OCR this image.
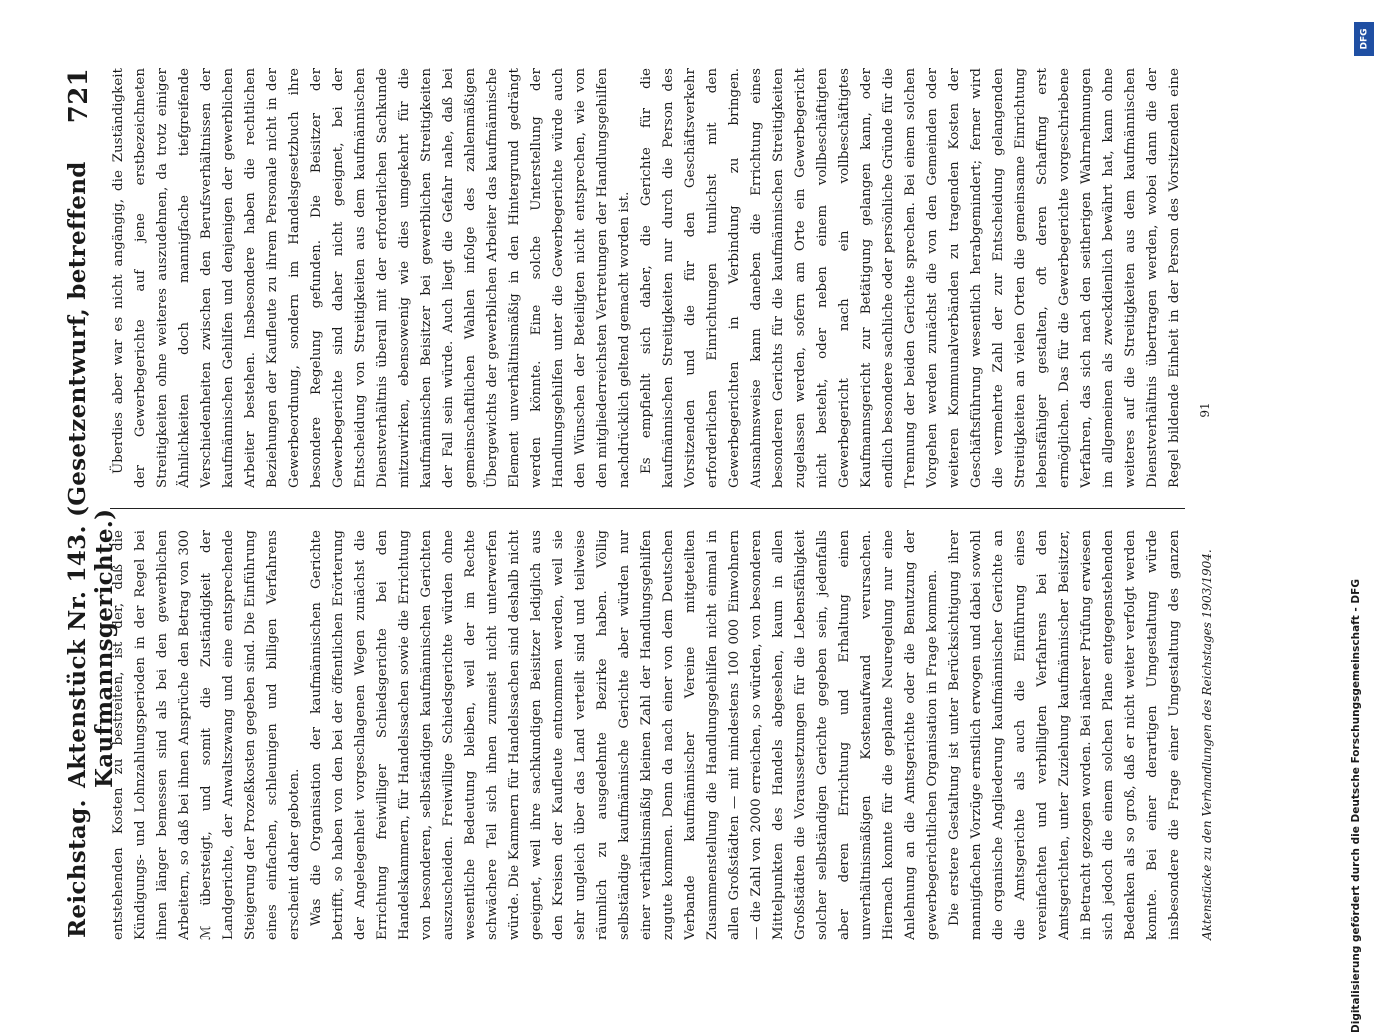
Reichstag.
Aktenstück Nr. 143. (Gesetzentwurf, betreffend Kaufmannsgerichte.)
721

entstehenden Kosten zu bestreiten, ist der, daß die Kündigungs- und Lohnzahlungsperioden in der Regel bei ihnen länger bemessen sind als bei den gewerblichen Arbeitern, so daß bei ihnen Ansprüche den Betrag von 300 ℳ übersteigt, und somit die Zuständigkeit der Landgerichte, der Anwaltszwang und eine entsprechende Steigerung der Prozeßkosten gegeben sind. Die Einführung eines einfachen, schleunigen und billigen Verfahrens erscheint daher geboten. Was die Organisation der kaufmännischen Gerichte betrifft, so haben von den bei der öffentlichen Erörterung der Angelegenheit vorgeschlagenen Wegen zunächst die Errichtung freiwilliger Schiedsgerichte bei den Handelskammern, für Handelssachen sowie die Errichtung von besonderen, selbständigen kaufmännischen Gerichten auszuscheiden. Freiwillige Schiedsgerichte würden ohne wesentliche Bedeutung bleiben, weil der im Rechte schwächere Teil sich ihnen zumeist nicht unterwerfen würde. Die Kammern für Handelssachen sind deshalb nicht geeignet, weil ihre sachkundigen Beisitzer lediglich aus den Kreisen der Kaufleute entnommen werden, weil sie sehr ungleich über das Land verteilt sind und teilweise räumlich zu ausgedehnte Bezirke haben. Völlig selbständige kaufmännische Gerichte aber würden nur einer verhältnismäßig kleinen Zahl der Handlungsgehilfen zugute kommen. Denn da nach einer von dem Deutschen Verbande kaufmännischer Vereine mitgeteilten Zusammenstellung die Handlungsgehilfen nicht einmal in allen Großstädten — mit mindestens 100 000 Einwohnern — die Zahl von 2000 erreichen, so würden, von besonderen Mittelpunkten des Handels abgesehen, kaum in allen Großstädten die Voraussetzungen für die Lebensfähigkeit solcher selbständigen Gerichte gegeben sein, jedenfalls aber deren Errichtung und Erhaltung einen unverhältnismäßigen Kostenaufwand verursachen. Hiernach konnte für die geplante Neuregelung nur eine Anlehnung an die Amtsgerichte oder die Benutzung der gewerbegerichtlichen Organisation in Frage kommen. Die erstere Gestaltung ist unter Berücksichtigung ihrer mannigfachen Vorzüge ernstlich erwogen und dabei sowohl die organische Angliederung kaufmännischer Gerichte an die Amtsgerichte als auch die Einführung eines vereinfachten und verbilligten Verfahrens bei den Amtsgerichten, unter Zuziehung kaufmännischer Beisitzer, in Betracht gezogen worden. Bei näherer Prüfung erwiesen sich jedoch die einem solchen Plane entgegenstehenden Bedenken als so groß, daß er nicht weiter verfolgt werden konnte. Bei einer derartigen Umgestaltung würde insbesondere die Frage einer Umgestaltung des ganzen

Überdies aber war es nicht angängig, die Zuständigkeit der Gewerbegerichte auf jene erstbezeichneten Streitigkeiten ohne weiteres auszudehnen, da trotz einiger Ähnlichkeiten doch mannigfache tiefgreifende Verschiedenheiten zwischen den Berufsverhältnissen der kaufmännischen Gehilfen und denjenigen der gewerblichen Arbeiter bestehen. Insbesondere haben die rechtlichen Beziehungen der Kaufleute zu ihrem Personale nicht in der Gewerbeordnung, sondern im Handelsgesetzbuch ihre besondere Regelung gefunden. Die Beisitzer der Gewerbegerichte sind daher nicht geeignet, bei der Entscheidung von Streitigkeiten aus dem kaufmännischen Dienstverhältnis überall mit der erforderlichen Sachkunde mitzuwirken, ebensowenig wie dies umgekehrt für die kaufmännischen Beisitzer bei gewerblichen Streitigkeiten der Fall sein würde. Auch liegt die Gefahr nahe, daß bei gemeinschaftlichen Wahlen infolge des zahlenmäßigen Übergewichts der gewerblichen Arbeiter das kaufmännische Element unverhältnismäßig in den Hintergrund gedrängt werden könnte. Eine solche Unterstellung der Handlungsgehilfen unter die Gewerbegerichte würde auch den Wünschen der Beteiligten nicht entsprechen, wie von den mitgliederreichsten Vertretungen der Handlungsgehilfen nachdrücklich geltend gemacht worden ist. Es empfiehlt sich daher, die Gerichte für die kaufmännischen Streitigkeiten nur durch die Person des Vorsitzenden und die für den Geschäftsverkehr erforderlichen Einrichtungen tunlichst mit den Gewerbegerichten in Verbindung zu bringen. Ausnahmsweise kann daneben die Errichtung eines besonderen Gerichts für die kaufmännischen Streitigkeiten zugelassen werden, sofern am Orte ein Gewerbegericht nicht besteht, oder neben einem vollbeschäftigten Gewerbegericht nach ein vollbeschäftigtes Kaufmannsgericht zur Betätigung gelangen kann, oder endlich besondere sachliche oder persönliche Gründe für die Trennung der beiden Gerichte sprechen. Bei einem solchen Vorgehen werden zunächst die von den Gemeinden oder weiteren Kommunalverbänden zu tragenden Kosten der Geschäftsführung wesentlich herabgemindert; ferner wird die vermehrte Zahl der zur Entscheidung gelangenden Streitigkeiten an vielen Orten die gemeinsame Einrichtung lebensfähiger gestalten, oft deren Schaffung erst ermöglichen. Das für die Gewerbegerichte vorgeschriebene Verfahren, das sich nach den seitherigen Wahrnehmungen im allgemeinen als zweckdienlich bewährt hat, kann ohne weiteres auf die Streitigkeiten aus dem kaufmännischen Dienstverhältnis übertragen werden, wobei dann die der Regel bildende Einheit in der Person des Vorsitzenden eine

Aktenstücke zu den Verhandlungen des Reichstages 1903/1904.
91
DFG
Digitalisierung gefördert durch die Deutsche Forschungsgemeinschaft - DFG
